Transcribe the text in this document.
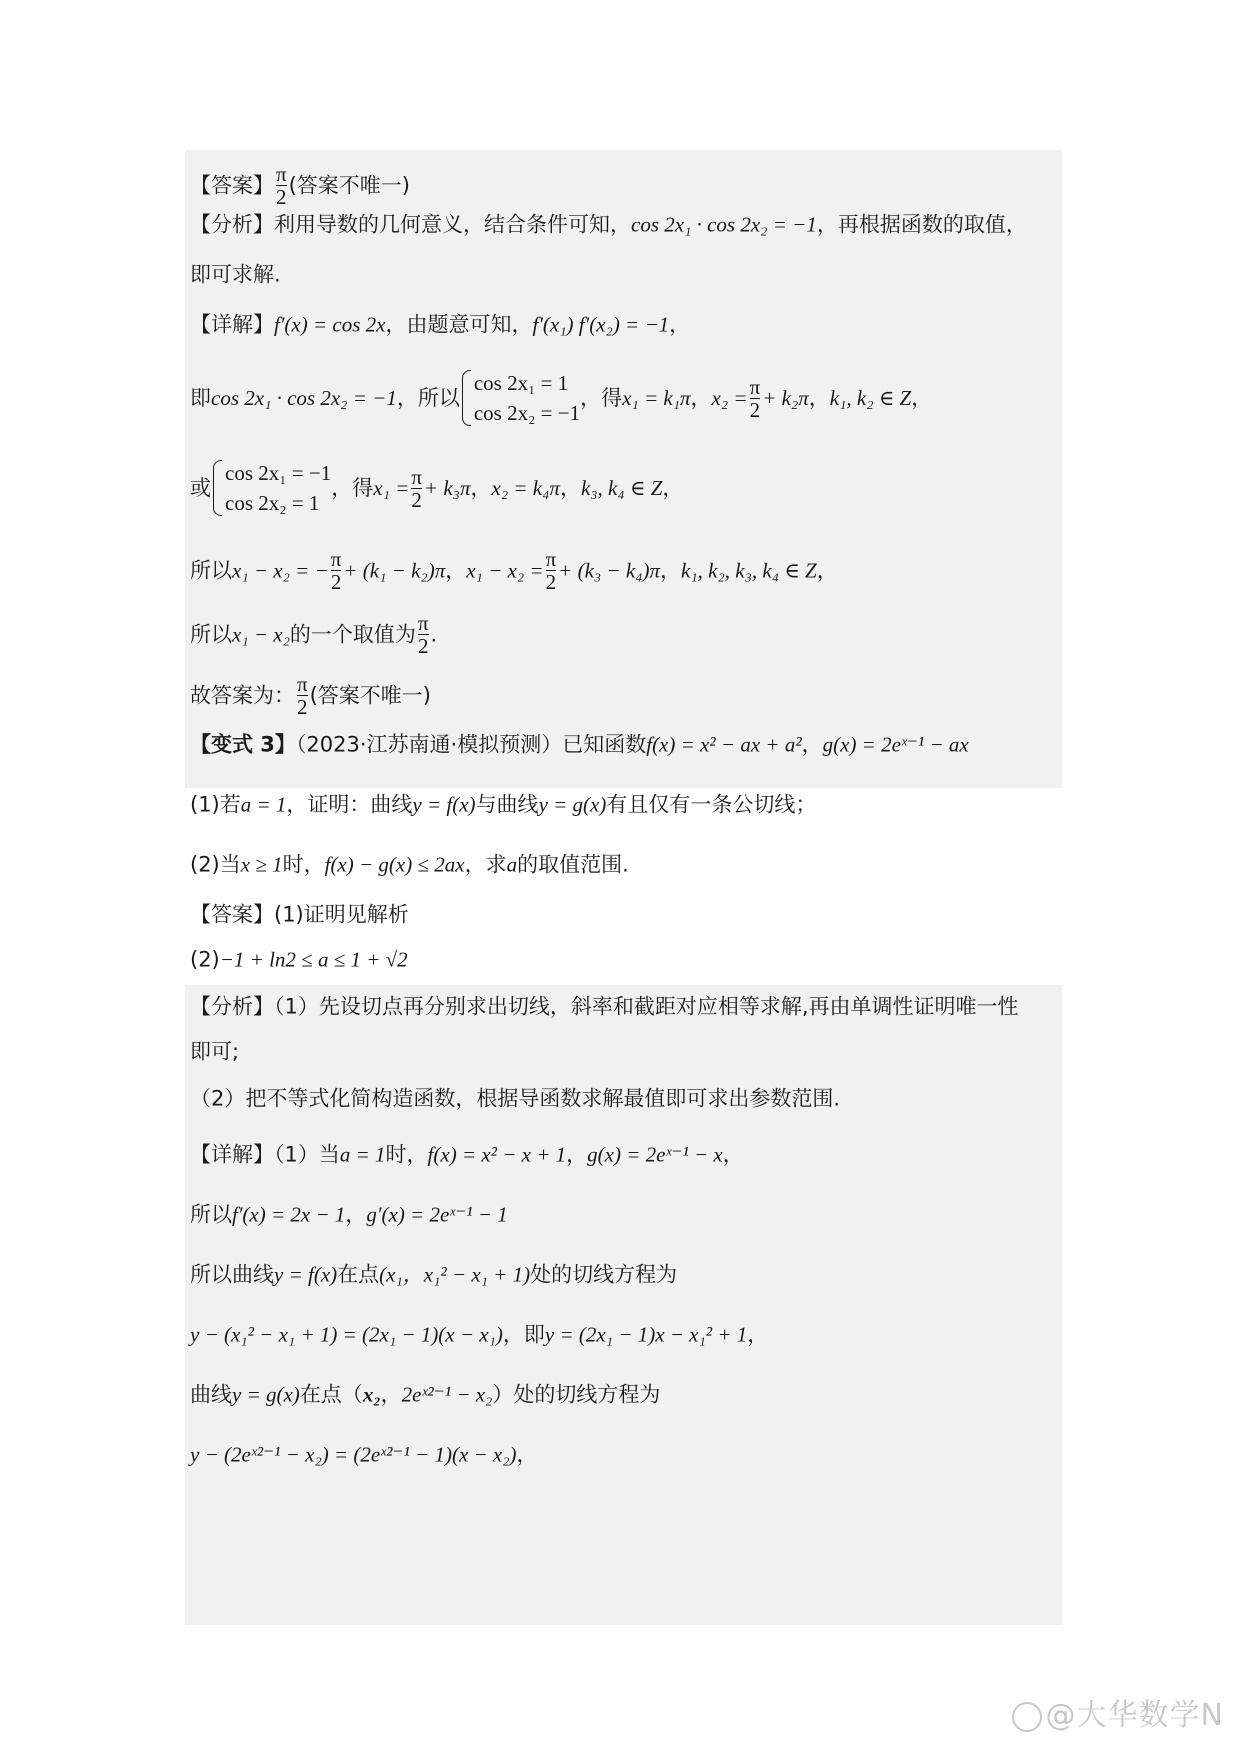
【答案】 $\frac{\pi}{2}$ (答案不唯一)
【分析】利用导数的几何意义，结合条件可知，cos 2x₁ · cos 2x₂ = −1，再根据函数的取值，
即可求解.
【详解】f′(x) = cos 2x，由题意可知，f′(x₁) f′(x₂) = −1，
即cos 2x₁ · cos 2x₂ = −1，所以
cos 2x₁ = 1
cos 2x₂ = −1
，得x₁ = k₁π，$x_2 = \frac{\pi}{2} + k_2\pi$，k₁, k₂ ∈ Z，
或
cos 2x₁ = −1
cos 2x₂ = 1
，得$x_1 = \frac{\pi}{2} + k_3\pi$，x₂ = k₄π，k₃, k₄ ∈ Z，
所以x₁ − x₂ = − $\frac{\pi}{2} + (k_1 - k_2)\pi$，$x_1 - x_2 = \frac{\pi}{2} + (k_3 - k_4)\pi$，k₁, k₂, k₃, k₄ ∈ Z，
所以x₁ − x₂的一个取值为 $\frac{\pi}{2}$ .
故答案为： $\frac{\pi}{2}$ (答案不唯一)
【变式 3】（2023·江苏南通·模拟预测）已知函数f(x) = x² − ax + a²，g(x) = 2eˣ⁻¹ − ax
(1)若a = 1，证明：曲线y = f(x)与曲线y = g(x)有且仅有一条公切线；
(2)当x ≥ 1时，f(x) − g(x) ≤ 2ax，求a的取值范围.
【答案】(1)证明见解析
(2)−1 + ln2 ≤ a ≤ 1 + √2
【分析】（1）先设切点再分别求出切线，斜率和截距对应相等求解,再由单调性证明唯一性
即可;
（2）把不等式化简构造函数，根据导函数求解最值即可求出参数范围.
【详解】（1）当a = 1时，f(x) = x² − x + 1，g(x) = 2eˣ⁻¹ − x，
所以f′(x) = 2x − 1，g′(x) = 2eˣ⁻¹ − 1
所以曲线y = f(x)在点(x₁，x₁² − x₁ + 1)处的切线方程为
y − (x₁² − x₁ + 1) = (2x₁ − 1)(x − x₁)，即y = (2x₁ − 1)x − x₁² + 1，
曲线y = g(x)在点（x₂，2eˣ²⁻¹ − x₂）处的切线方程为
y − (2eˣ²⁻¹ − x₂) = (2eˣ²⁻¹ − 1)(x − x₂)，
@大华数学N
